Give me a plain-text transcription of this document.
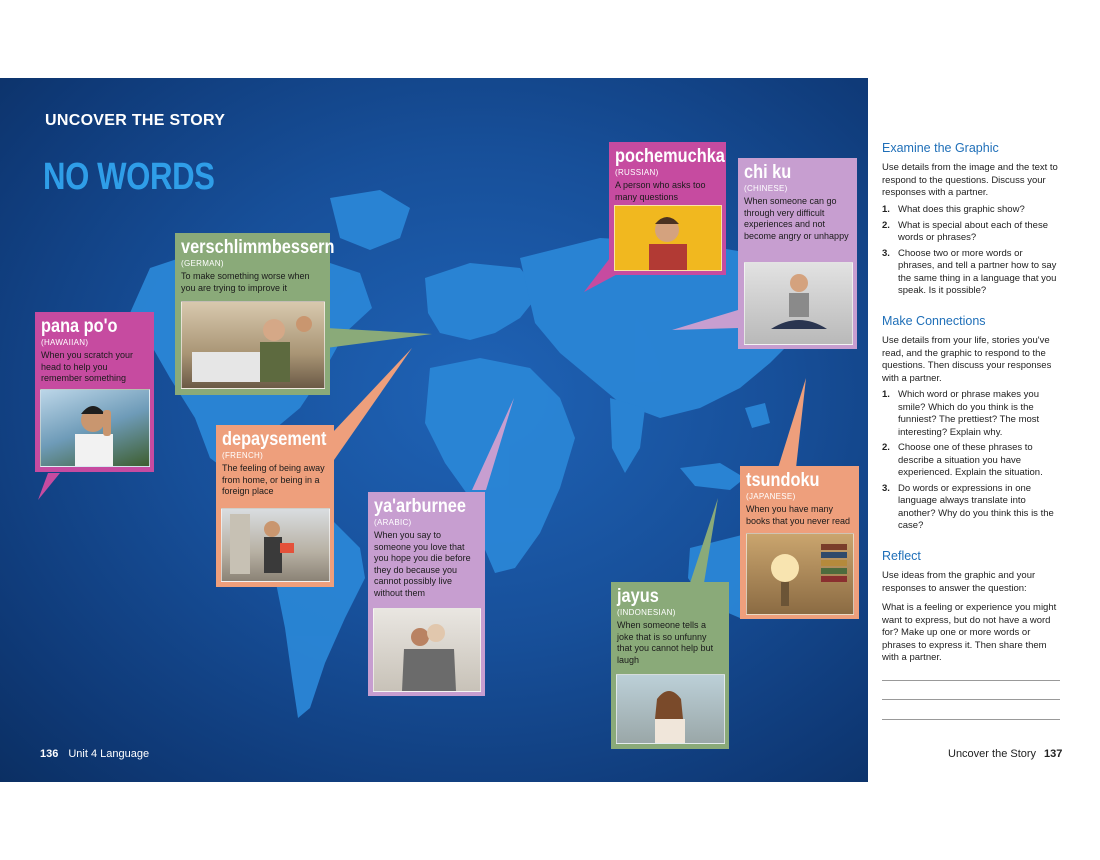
UNCOVER THE STORY
NO WORDS
pana po'o
(HAWAIIAN)
When you scratch your head to help you remember something
verschlimmbessern
(GERMAN)
To make something worse when you are trying to improve it
depaysement
(FRENCH)
The feeling of being away from home, or being in a foreign place
ya'arburnee
(ARABIC)
When you say to someone you love that you hope you die before they do because you cannot possibly live without them
pochemuchka
(RUSSIAN)
A person who asks too many questions
chi ku
(CHINESE)
When someone can go through very difficult experiences and not become angry or unhappy
tsundoku
(JAPANESE)
When you have many books that you never read
jayus
(INDONESIAN)
When someone tells a joke that is so unfunny that you cannot help but laugh
136 Unit 4 Language
Examine the Graphic
Use details from the image and the text to respond to the questions. Discuss your responses with a partner.
1. What does this graphic show?
2. What is special about each of these words or phrases?
3. Choose two or more words or phrases, and tell a partner how to say the same thing in a language that you speak. Is it possible?
Make Connections
Use details from your life, stories you've read, and the graphic to respond to the questions. Then discuss your responses with a partner.
1. Which word or phrase makes you smile? Which do you think is the funniest? The prettiest? The most interesting? Explain why.
2. Choose one of these phrases to describe a situation you have experienced. Explain the situation.
3. Do words or expressions in one language always translate into another? Why do you think this is the case?
Reflect
Use ideas from the graphic and your responses to answer the question:
What is a feeling or experience you might want to express, but do not have a word for? Make up one or more words or phrases to express it. Then share them with a partner.
Uncover the Story 137
